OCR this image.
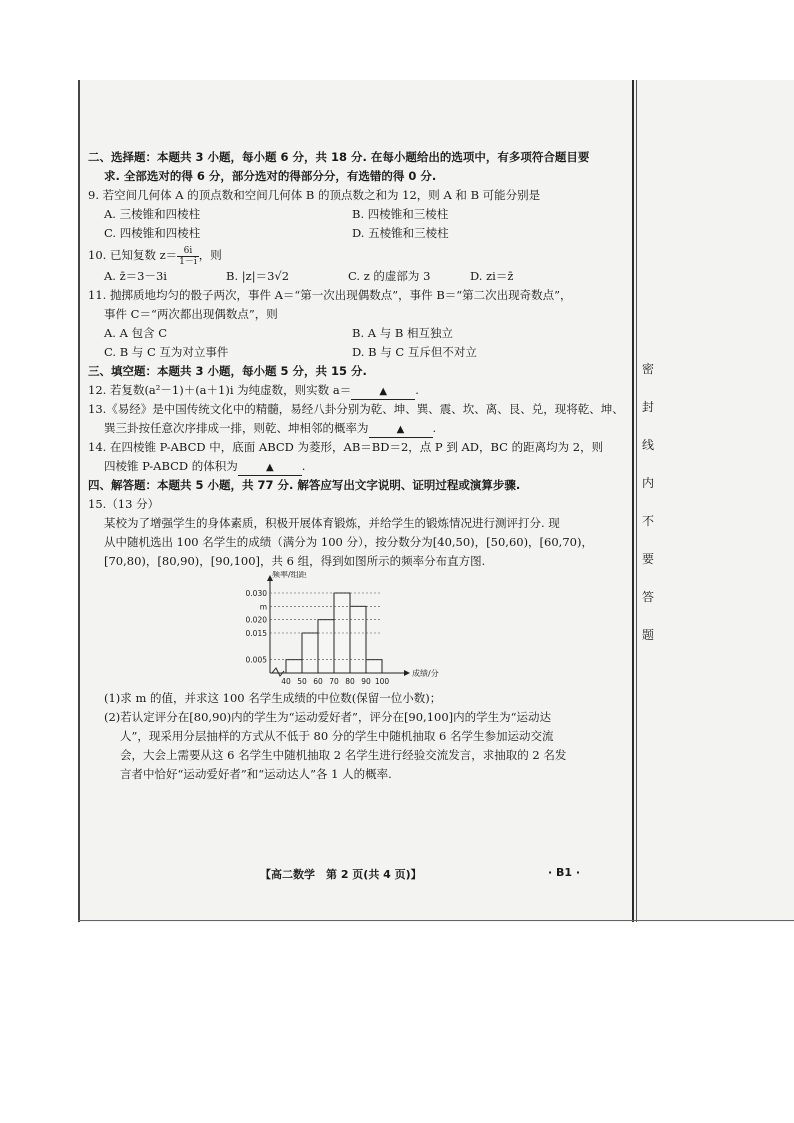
密
封
线
内
不
要
答
题
二、选择题：本题共 3 小题，每小题 6 分，共 18 分. 在每小题给出的选项中，有多项符合题目要
求. 全部选对的得 6 分，部分选对的得部分分，有选错的得 0 分.
9. 若空间几何体 A 的顶点数和空间几何体 B 的顶点数之和为 12，则 A 和 B 可能分别是
A. 三棱锥和四棱柱	B. 四棱锥和三棱柱
C. 四棱锥和四棱柱	D. 五棱锥和三棱柱
10. 已知复数 $z= \frac{6i}{1-i}$ ，则
A. z̄＝3－3i	B. |z|＝3√2	C. z 的虚部为 3	D. zi＝z̄
11. 抛掷质地均匀的骰子两次，事件 A＝“第一次出现偶数点”，事件 B＝“第二次出现奇数点”，
事件 C＝“两次都出现偶数点”，则
A. A 包含 C	B. A 与 B 相互独立
C. B 与 C 互为对立事件	D. B 与 C 互斥但不对立
三、填空题：本题共 3 小题，每小题 5 分，共 15 分.
12. 若复数(a²－1)＋(a＋1)i 为纯虚数，则实数 a＝	▲ .
13.《易经》是中国传统文化中的精髓，易经八卦分别为乾、坤、巽、震、坎、离、艮、兑，现将乾、坤、
巽三卦按任意次序排成一排，则乾、坤相邻的概率为	▲ .
14. 在四棱锥 P-ABCD 中，底面 ABCD 为菱形，AB＝BD＝2，点 P 到 AD，BC 的距离均为 2，则
四棱锥 P-ABCD 的体积为	▲ .
四、解答题：本题共 5 小题，共 77 分. 解答应写出文字说明、证明过程或演算步骤.
15.（13 分）
某校为了增强学生的身体素质，积极开展体育锻炼，并给学生的锻炼情况进行测评打分. 现
从中随机选出 100 名学生的成绩（满分为 100 分），按分数分为[40,50)，[50,60)，[60,70)，
[70,80)，[80,90)，[90,100]，共 6 组，得到如图所示的频率分布直方图.
频率/组距
成绩/分
0.005
0.015
0.020
m
0.030
40 50 60 70 80 90 100
(1)求 m 的值，并求这 100 名学生成绩的中位数(保留一位小数)；
(2)若认定评分在[80,90)内的学生为“运动爱好者”，评分在[90,100]内的学生为“运动达
人”，现采用分层抽样的方式从不低于 80 分的学生中随机抽取 6 名学生参加运动交流
会，大会上需要从这 6 名学生中随机抽取 2 名学生进行经验交流发言，求抽取的 2 名发
言者中恰好“运动爱好者”和“运动达人”各 1 人的概率.
【高二数学　第 2 页(共 4 页)】	· B1 ·
